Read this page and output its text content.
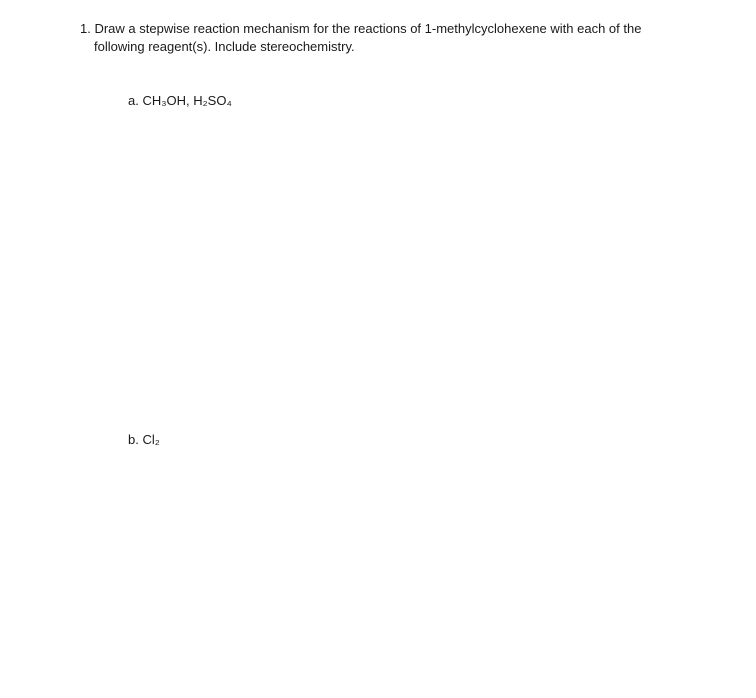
1. Draw a stepwise reaction mechanism for the reactions of 1-methylcyclohexene with each of the
following reagent(s). Include stereochemistry.
a. CH₃OH, H₂SO₄
b. Cl₂
